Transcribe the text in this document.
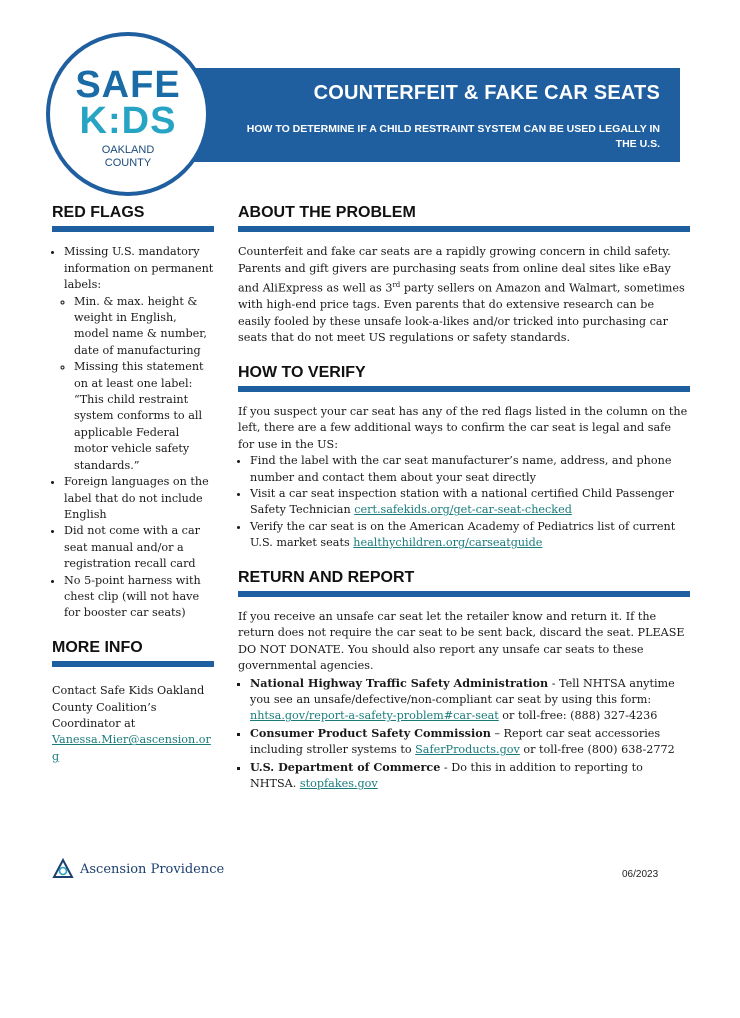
COUNTERFEIT & FAKE CAR SEATS
HOW TO DETERMINE IF A CHILD RESTRAINT SYSTEM CAN BE USED LEGALLY IN THE U.S.
SAFE
K:DS
OAKLAND
COUNTY
RED FLAGS
• Missing U.S. mandatory information on permanent labels:
◦ Min. & max. height & weight in English, model name & number, date of manufacturing
◦ Missing this statement on at least one label: “This child restraint system conforms to all applicable Federal motor vehicle safety standards.”
• Foreign languages on the label that do not include English
• Did not come with a car seat manual and/or a registration recall card
• No 5-point harness with chest clip (will not have for booster car seats)
MORE INFO
Contact Safe Kids Oakland County Coalition’s Coordinator at
Vanessa.Mier@ascension.org
ABOUT THE PROBLEM

Counterfeit and fake car seats are a rapidly growing concern in child safety. Parents and gift givers are purchasing seats from online deal sites like eBay and AliExpress as well as 3rd party sellers on Amazon and Walmart, sometimes with high-end price tags. Even parents that do extensive research can be easily fooled by these unsafe look-a-likes and/or tricked into purchasing car seats that do not meet US regulations or safety standards.

HOW TO VERIFY

If you suspect your car seat has any of the red flags listed in the column on the left, there are a few additional ways to confirm the car seat is legal and safe for use in the US:

• Find the label with the car seat manufacturer’s name, address, and phone number and contact them about your seat directly
• Visit a car seat inspection station with a national certified Child Passenger Safety Technician cert.safekids.org/get-car-seat-checked
• Verify the car seat is on the American Academy of Pediatrics list of current U.S. market seats healthychildren.org/carseatguide
RETURN AND REPORT

If you receive an unsafe car seat let the retailer know and return it. If the return does not require the car seat to be sent back, discard the seat. PLEASE DO NOT DONATE. You should also report any unsafe car seats to these governmental agencies.

▪ National Highway Traffic Safety Administration - Tell NHTSA anytime you see an unsafe/defective/non-compliant car seat by using this form: nhtsa.gov/report-a-safety-problem#car-seat or toll-free: (888) 327-4236
▪ Consumer Product Safety Commission – Report car seat accessories including stroller systems to SaferProducts.gov or toll-free (800) 638-2772
▪ U.S. Department of Commerce - Do this in addition to reporting to NHTSA. stopfakes.gov
Ascension Providence	06/2023
